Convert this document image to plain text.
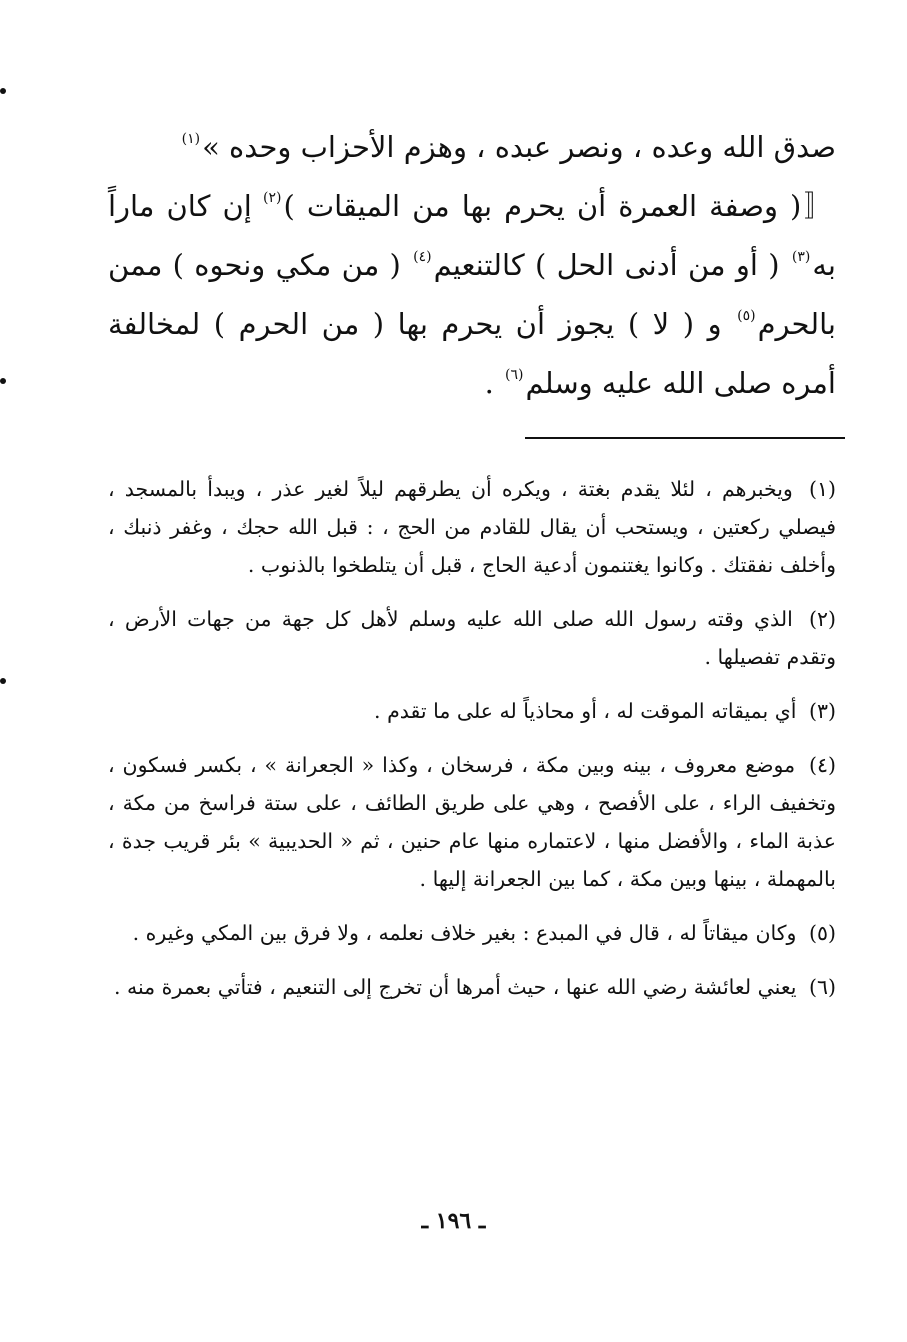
صدق الله وعده ، ونصر عبده ، وهزم الأحزاب وحده »$^{(١)}$

〚( وصفة العمرة أن يحرم بها من الميقات )$^{(٢)}$ إن كان ماراً به$^{(٣)}$ ( أو من أدنى الحل ) كالتنعيم$^{(٤)}$ ( من مكي ونحوه ) ممن بالحرم$^{(٥)}$ و ( لا ) يجوز أن يحرم بها ( من الحرم ) لمخالفة أمره صلى الله عليه وسلم$^{(٦)}$ .

(١) ويخبرهم ، لئلا يقدم بغتة ، ويكره أن يطرقهم ليلاً لغير عذر ، ويبدأ بالمسجد ، فيصلي ركعتين ، ويستحب أن يقال للقادم من الحج ، : قبل الله حجك ، وغفر ذنبك ، وأخلف نفقتك . وكانوا يغتنمون أدعية الحاج ، قبل أن يتلطخوا بالذنوب .

(٢) الذي وقته رسول الله صلى الله عليه وسلم لأهل كل جهة من جهات الأرض ، وتقدم تفصيلها .

(٣) أي بميقاته الموقت له ، أو محاذياً له على ما تقدم .

(٤) موضع معروف ، بينه وبين مكة ، فرسخان ، وكذا « الجعرانة » ، بكسر فسكون ، وتخفيف الراء ، على الأفصح ، وهي على طريق الطائف ، على ستة فراسخ من مكة ، عذبة الماء ، والأفضل منها ، لاعتماره منها عام حنين ، ثم « الحديبية » بئر قريب جدة ، بالمهملة ، بينها وبين مكة ، كما بين الجعرانة إليها .

(٥) وكان ميقاتاً له ، قال في المبدع : بغير خلاف نعلمه ، ولا فرق بين المكي وغيره .

(٦) يعني لعائشة رضي الله عنها ، حيث أمرها أن تخرج إلى التنعيم ، فتأتي بعمرة منه .

ـ ١٩٦ ـ
